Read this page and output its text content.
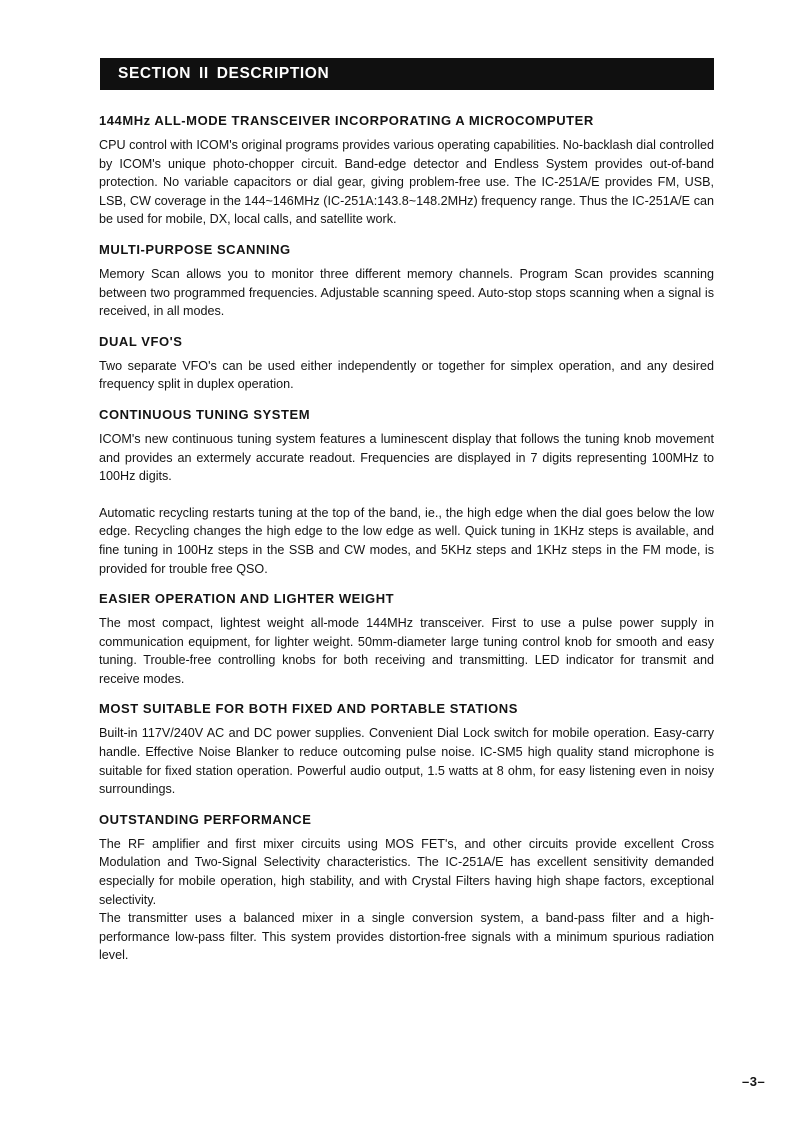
SECTION II DESCRIPTION
144MHz ALL-MODE TRANSCEIVER INCORPORATING A MICROCOMPUTER

CPU control with ICOM's original programs provides various operating capabilities. No-backlash dial controlled by ICOM's unique photo-chopper circuit. Band-edge detector and Endless System provides out-of-band protection. No variable capacitors or dial gear, giving problem-free use. The IC-251A/E provides FM, USB, LSB, CW coverage in the 144~146MHz (IC-251A:143.8~148.2MHz) frequency range. Thus the IC-251A/E can be used for mobile, DX, local calls, and satellite work.

MULTI-PURPOSE SCANNING

Memory Scan allows you to monitor three different memory channels. Program Scan provides scanning between two programmed frequencies. Adjustable scanning speed. Auto-stop stops scanning when a signal is received, in all modes.

DUAL VFO'S

Two separate VFO's can be used either independently or together for simplex operation, and any desired frequency split in duplex operation.

CONTINUOUS TUNING SYSTEM

ICOM's new continuous tuning system features a luminescent display that follows the tuning knob movement and provides an extermely accurate readout. Frequencies are displayed in 7 digits representing 100MHz to 100Hz digits.

Automatic recycling restarts tuning at the top of the band, ie., the high edge when the dial goes below the low edge. Recycling changes the high edge to the low edge as well. Quick tuning in 1KHz steps is available, and fine tuning in 100Hz steps in the SSB and CW modes, and 5KHz steps and 1KHz steps in the FM mode, is provided for trouble free QSO.

EASIER OPERATION AND LIGHTER WEIGHT

The most compact, lightest weight all-mode 144MHz transceiver. First to use a pulse power supply in communication equipment, for lighter weight. 50mm-diameter large tuning control knob for smooth and easy tuning. Trouble-free controlling knobs for both receiving and transmitting. LED indicator for transmit and receive modes.

MOST SUITABLE FOR BOTH FIXED AND PORTABLE STATIONS

Built-in 117V/240V AC and DC power supplies. Convenient Dial Lock switch for mobile operation. Easy-carry handle. Effective Noise Blanker to reduce outcoming pulse noise. IC-SM5 high quality stand microphone is suitable for fixed station operation. Powerful audio output, 1.5 watts at 8 ohm, for easy listening even in noisy surroundings.

OUTSTANDING PERFORMANCE

The RF amplifier and first mixer circuits using MOS FET's, and other circuits provide excellent Cross Modulation and Two-Signal Selectivity characteristics. The IC-251A/E has excellent sensitivity demanded especially for mobile operation, high stability, and with Crystal Filters having high shape factors, exceptional selectivity.

The transmitter uses a balanced mixer in a single conversion system, a band-pass filter and a high-performance low-pass filter. This system provides distortion-free signals with a minimum spurious radiation level.

–3–
